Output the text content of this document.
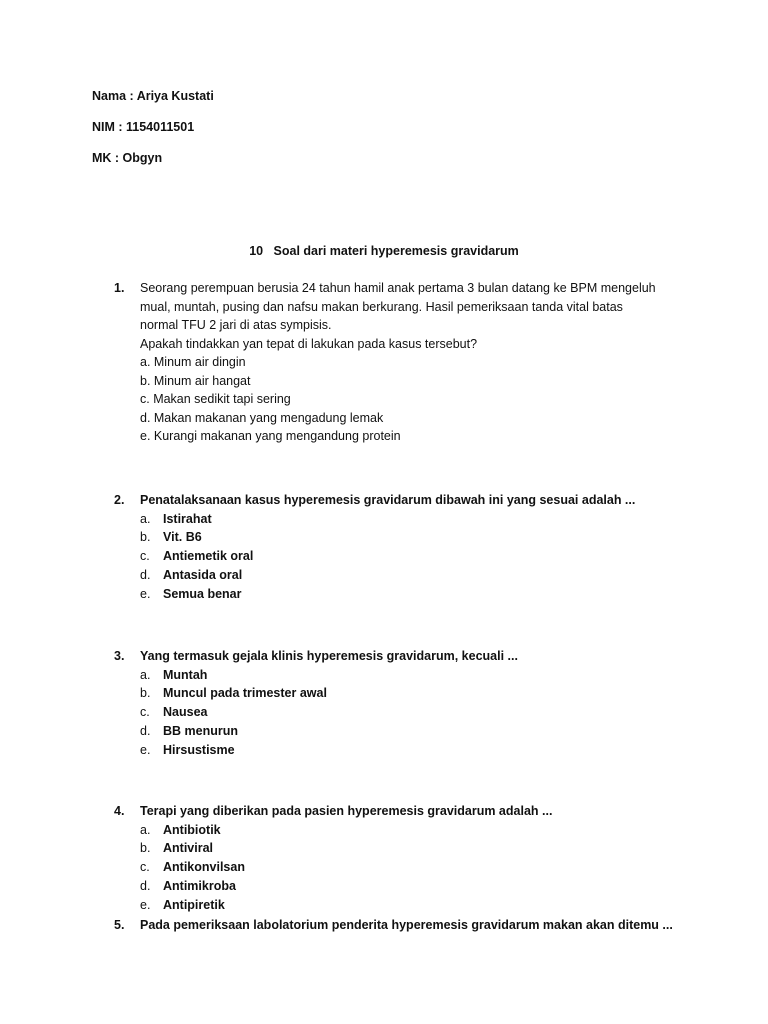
Nama : Ariya Kustati
NIM : 1154011501
MK : Obgyn
10   Soal dari materi hyperemesis gravidarum
1. Seorang perempuan berusia 24 tahun hamil anak pertama 3 bulan datang ke BPM mengeluh

mual, muntah, pusing dan nafsu makan berkurang. Hasil pemeriksaan tanda vital batas

normal TFU 2 jari di atas sympisis.

Apakah tindakkan yan tepat di lakukan pada kasus tersebut?

a. Minum air dingin
b. Minum air hangat
c. Makan sedikit tapi sering
d. Makan makanan yang mengadung lemak
e. Kurangi makanan yang mengandung protein
2. Penatalaksanaan kasus hyperemesis gravidarum dibawah ini yang sesuai adalah ...

a. Istirahat
b. Vit. B6
c. Antiemetik oral
d. Antasida oral
e. Semua benar
3. Yang termasuk gejala klinis hyperemesis gravidarum, kecuali ...

a. Muntah
b. Muncul pada trimester awal
c. Nausea
d. BB menurun
e. Hirsustisme
4. Terapi yang diberikan pada pasien hyperemesis gravidarum adalah ...

a. Antibiotik
b. Antiviral
c. Antikonvilsan
d. Antimikroba
e. Antipiretik
5. Pada pemeriksaan labolatorium penderita hyperemesis gravidarum makan akan ditemu ...
